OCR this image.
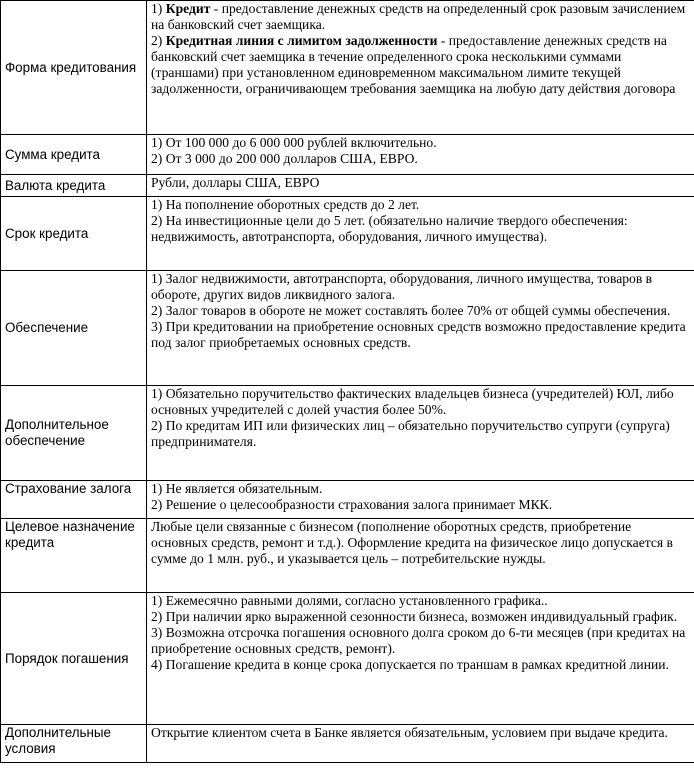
Форма кредитования	1) Кредит - предоставление денежных средств на определенный срок разовым зачислением на банковский счет заемщика.
2) Кредитная линия с лимитом задолженности - предоставление денежных средств на банковский счет заемщика в течение определенного срока несколькими суммами (траншами) при установленном единовременном максимальном лимите текущей задолженности, ограничивающем требования заемщика на любую дату действия договора

Сумма кредита	1) От 100 000 до 6 000 000 рублей включительно.
2) От 3 000 до 200 000 долларов США, ЕВРО.

Валюта кредита	Рубли, доллары США, ЕВРО

Срок кредита	1) На пополнение оборотных средств до 2 лет.
2) На инвестиционные цели до 5 лет. (обязательно наличие твердого обеспечения: недвижимость, автотранспорта, оборудования, личного имущества).

Обеспечение	1) Залог недвижимости, автотранспорта, оборудования, личного имущества, товаров в обороте, других видов ликвидного залога.
2) Залог товаров в обороте не может составлять более 70% от общей суммы обеспечения.
3) При кредитовании на приобретение основных средств возможно предоставление кредита под залог приобретаемых основных средств.

Дополнительное обеспечение	1) Обязательно поручительство фактических владельцев бизнеса (учредителей) ЮЛ, либо основных учредителей с долей участия более 50%.
2) По кредитам ИП или физических лиц – обязательно поручительство супруги (супруга) предпринимателя.

Страхование залога	1) Не является обязательным.
2) Решение о целесообразности страхования залога принимает МКК.

Целевое назначение кредита	Любые цели связанные с бизнесом (пополнение оборотных средств, приобретение основных средств, ремонт и т.д.). Оформление кредита на физическое лицо допускается в сумме до 1 млн. руб., и указывается цель – потребительские нужды.

Порядок погашения	1) Ежемесячно равными долями, согласно установленного графика..
2) При наличии ярко выраженной сезонности бизнеса, возможен индивидуальный график.
3) Возможна отсрочка погашения основного долга сроком до 6-ти месяцев (при кредитах на приобретение основных средств, ремонт).
4) Погашение кредита в конце срока допускается по траншам в рамках кредитной линии.

Дополнительные условия	Открытие клиентом счета в Банке является обязательным, условием при выдаче кредита.
